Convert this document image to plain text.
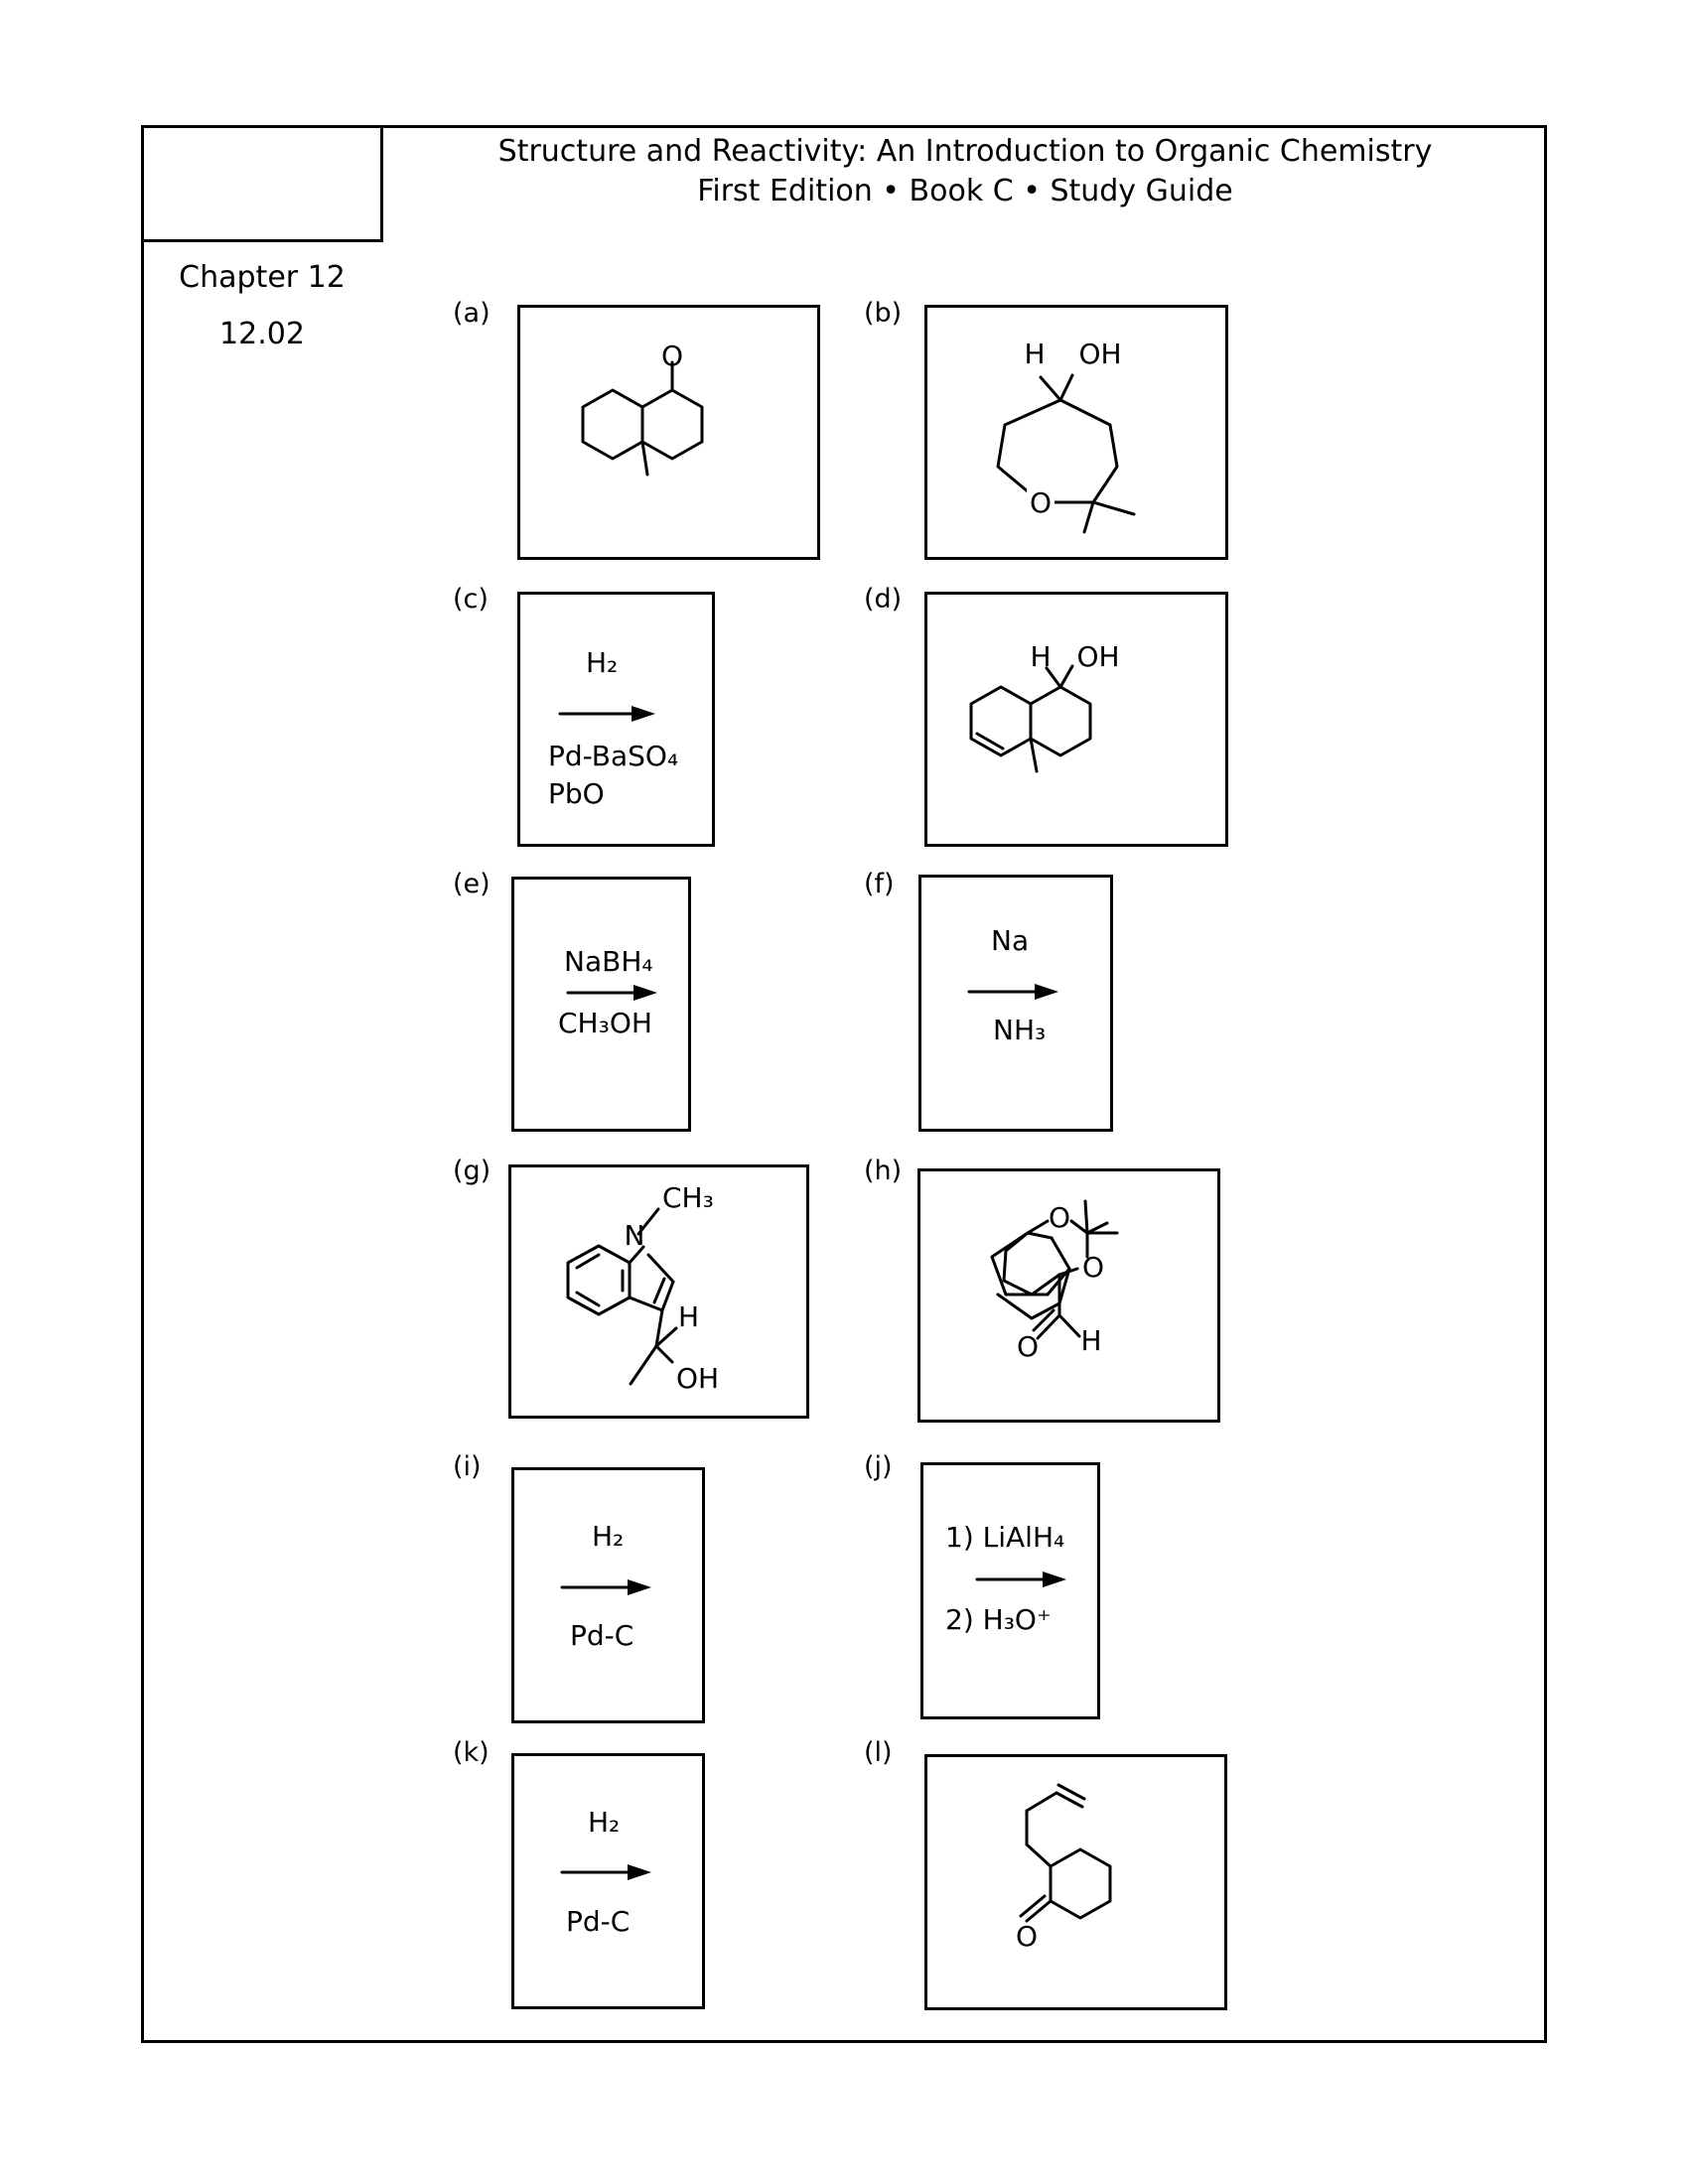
Chapter 12
12.02
Structure and Reactivity: An Introduction to Organic Chemistry
First Edition • Book C • Study Guide
(a)
O
(b)
H OH
O
(c)
H₂
Pd-BaSO₄
PbO
(d)
H OH
(e)
NaBH₄
CH₃OH
(f)
Na
NH₃
(g)
CH₃
N
H
OH
(h)
O
O
O H
(i)
H₂
Pd-C
(j)
1) LiAlH₄
2) H₃O⁺
(k)
H₂
Pd-C
(l)
O
